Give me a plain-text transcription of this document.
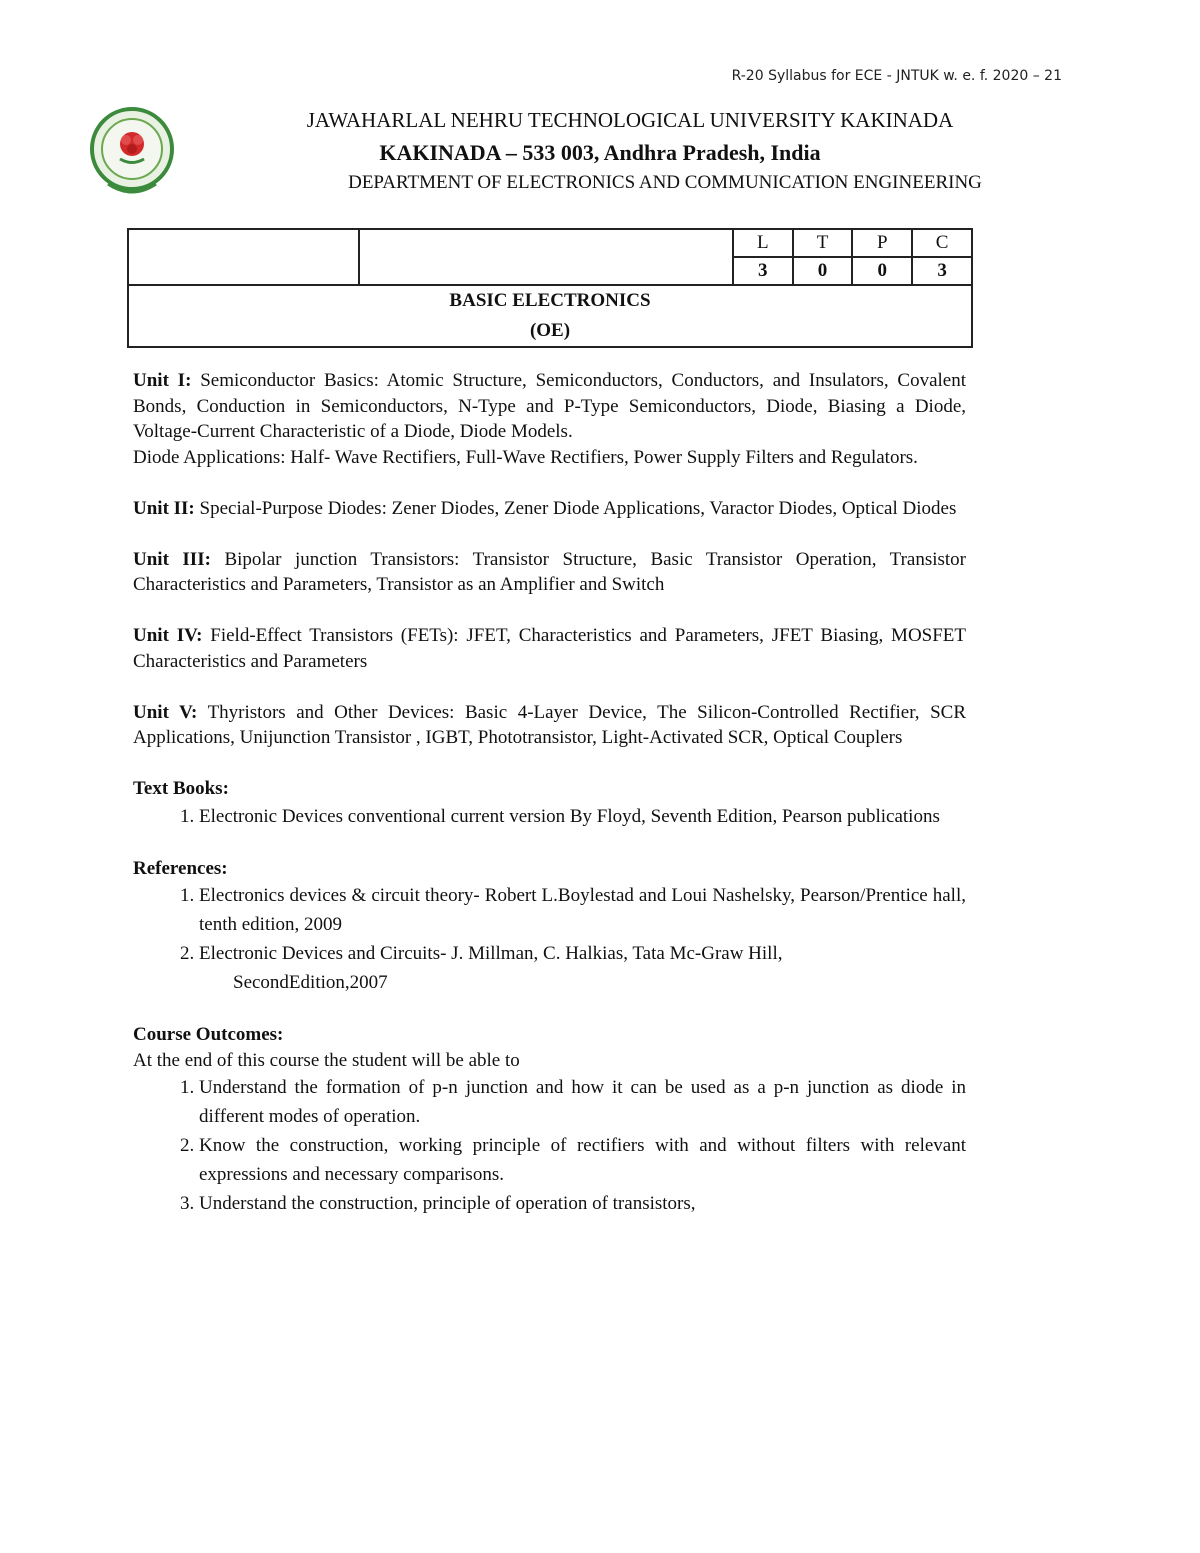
R-20 Syllabus for ECE - JNTUK w. e. f. 2020 – 21
JAWAHARLAL NEHRU TECHNOLOGICAL UNIVERSITY KAKINADA
KAKINADA – 533 003, Andhra Pradesh, India
DEPARTMENT OF ELECTRONICS AND COMMUNICATION ENGINEERING
		L	T	P	C
		3	0	0	3

BASIC ELECTRONICS
(OE)					

Unit I: Semiconductor Basics: Atomic Structure, Semiconductors, Conductors, and Insulators, Covalent Bonds, Conduction in Semiconductors, N-Type and P-Type Semiconductors, Diode, Biasing a Diode, Voltage-Current Characteristic of a Diode, Diode Models.

Diode Applications: Half- Wave Rectifiers, Full-Wave Rectifiers, Power Supply Filters and Regulators.

Unit II: Special-Purpose Diodes: Zener Diodes, Zener Diode Applications, Varactor Diodes, Optical Diodes

Unit III: Bipolar junction Transistors: Transistor Structure, Basic Transistor Operation, Transistor Characteristics and Parameters, Transistor as an Amplifier and Switch

Unit IV: Field-Effect Transistors (FETs): JFET, Characteristics and Parameters, JFET Biasing, MOSFET Characteristics and Parameters

Unit V: Thyristors and Other Devices: Basic 4-Layer Device, The Silicon-Controlled Rectifier, SCR Applications, Unijunction Transistor , IGBT, Phototransistor, Light-Activated SCR, Optical Couplers

Text Books:

1. Electronic Devices conventional current version By Floyd, Seventh Edition, Pearson publications

References:

1. Electronics devices & circuit theory- Robert L.Boylestad and Loui Nashelsky, Pearson/Prentice hall, tenth edition, 2009
2. Electronic Devices and Circuits- J. Millman, C. Halkias, Tata Mc-Graw Hill,
SecondEdition,2007

Course Outcomes:

At the end of this course the student will be able to

1. Understand the formation of p-n junction and how it can be used as a p-n junction as diode in different modes of operation.
2. Know the construction, working principle of rectifiers with and without filters with relevant expressions and necessary comparisons.
3. Understand the construction, principle of operation of transistors,
